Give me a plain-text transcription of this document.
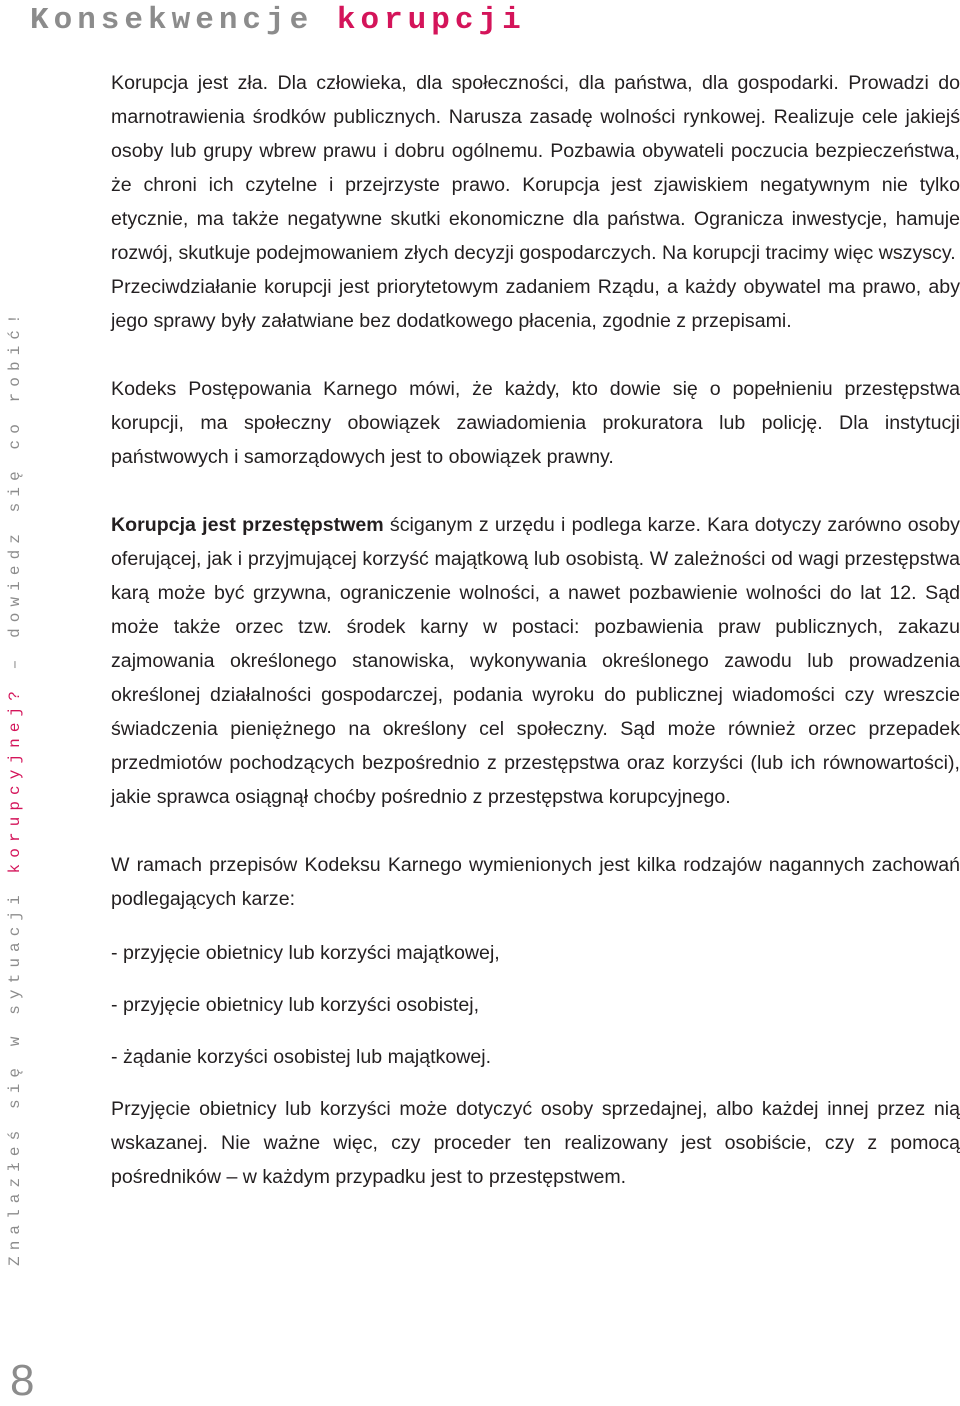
Konsekwencje korupcji
Znalazłeś się w sytuacji korupcyjnej? – dowiedz się co robić!
8

Korupcja jest zła. Dla człowieka, dla społeczności, dla państwa, dla gospodarki. Prowadzi do marnotrawienia środków publicznych. Narusza zasadę wolności rynkowej. Realizuje cele jakiejś osoby lub grupy wbrew prawu i dobru ogólnemu. Pozbawia obywateli poczucia bezpieczeństwa, że chroni ich czytelne i przejrzyste prawo. Korupcja jest zjawiskiem negatywnym nie tylko etycznie, ma także negatywne skutki ekonomiczne dla państwa. Ogranicza inwestycje, hamuje rozwój, skutkuje podejmowaniem złych decyzji gospodarczych. Na korupcji tracimy więc wszyscy.

Przeciwdziałanie korupcji jest priorytetowym zadaniem Rządu, a każdy obywatel ma prawo, aby jego sprawy były załatwiane bez dodatkowego płacenia, zgodnie z przepisami.

Kodeks Postępowania Karnego mówi, że każdy, kto dowie się o popełnieniu przestępstwa korupcji, ma społeczny obowiązek zawiadomienia prokuratora lub policję. Dla instytucji państwowych i samorządowych jest to obowiązek prawny.

Korupcja jest przestępstwem ściganym z urzędu i podlega karze. Kara dotyczy zarówno osoby oferującej, jak i przyjmującej korzyść majątkową lub osobistą. W zależności od wagi przestępstwa karą może być grzywna, ograniczenie wolności, a nawet pozbawienie wolności do lat 12. Sąd może także orzec tzw. środek karny w postaci: pozbawienia praw publicznych, zakazu zajmowania określonego stanowiska, wykonywania określonego zawodu lub prowadzenia określonej działalności gospodarczej, podania wyroku do publicznej wiadomości czy wreszcie świadczenia pieniężnego na określony cel społeczny. Sąd może również orzec przepadek przedmiotów pochodzących bezpośrednio z przestępstwa oraz korzyści (lub ich równowartości), jakie sprawca osiągnął choćby pośrednio z przestępstwa korupcyjnego.

W ramach przepisów Kodeksu Karnego wymienionych jest kilka rodzajów nagannych zachowań podlegających karze:

- przyjęcie obietnicy lub korzyści majątkowej,

- przyjęcie obietnicy lub korzyści osobistej,

- żądanie korzyści osobistej lub majątkowej.

Przyjęcie obietnicy lub korzyści może dotyczyć osoby sprzedajnej, albo każdej innej przez nią wskazanej. Nie ważne więc, czy proceder ten realizowany jest osobiście, czy z pomocą pośredników – w każdym przypadku jest to przestępstwem.
